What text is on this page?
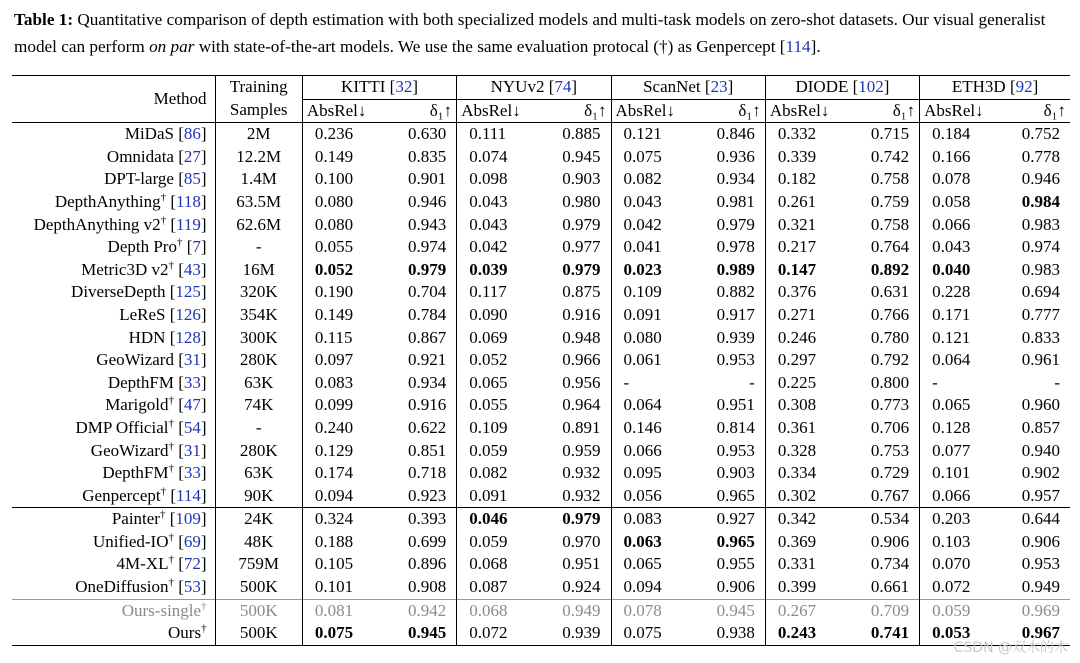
Table 1: Quantitative comparison of depth estimation with both specialized models and multi-task models on zero-shot datasets. Our visual generalist model can perform on par with state-of-the-art models. We use the same evaluation protocal (†) as Genpercept [114].
Method	Training	KITTI [32]		NYUv2 [74]		ScanNet [23]		DIODE [102]		ETH3D [92]	
	Samples	AbsRel↓	δ₁↑	AbsRel↓	δ₁↑	AbsRel↓	δ₁↑	AbsRel↓	δ₁↑	AbsRel↓	δ₁↑
MiDaS [86]	2M	0.236	0.630	0.111	0.885	0.121	0.846	0.332	0.715	0.184	0.752
Omnidata [27]	12.2M	0.149	0.835	0.074	0.945	0.075	0.936	0.339	0.742	0.166	0.778
DPT-large [85]	1.4M	0.100	0.901	0.098	0.903	0.082	0.934	0.182	0.758	0.078	0.946
DepthAnything† [118]	63.5M	0.080	0.946	0.043	0.980	0.043	0.981	0.261	0.759	0.058	0.984
DepthAnything v2† [119]	62.6M	0.080	0.943	0.043	0.979	0.042	0.979	0.321	0.758	0.066	0.983
Depth Pro† [7]	-	0.055	0.974	0.042	0.977	0.041	0.978	0.217	0.764	0.043	0.974
Metric3D v2† [43]	16M	0.052	0.979	0.039	0.979	0.023	0.989	0.147	0.892	0.040	0.983
DiverseDepth [125]	320K	0.190	0.704	0.117	0.875	0.109	0.882	0.376	0.631	0.228	0.694
LeReS [126]	354K	0.149	0.784	0.090	0.916	0.091	0.917	0.271	0.766	0.171	0.777
HDN [128]	300K	0.115	0.867	0.069	0.948	0.080	0.939	0.246	0.780	0.121	0.833
GeoWizard [31]	280K	0.097	0.921	0.052	0.966	0.061	0.953	0.297	0.792	0.064	0.961
DepthFM [33]	63K	0.083	0.934	0.065	0.956	-	-	0.225	0.800	-	-
Marigold† [47]	74K	0.099	0.916	0.055	0.964	0.064	0.951	0.308	0.773	0.065	0.960
DMP Official† [54]	-	0.240	0.622	0.109	0.891	0.146	0.814	0.361	0.706	0.128	0.857
GeoWizard† [31]	280K	0.129	0.851	0.059	0.959	0.066	0.953	0.328	0.753	0.077	0.940
DepthFM† [33]	63K	0.174	0.718	0.082	0.932	0.095	0.903	0.334	0.729	0.101	0.902
Genpercept† [114]	90K	0.094	0.923	0.091	0.932	0.056	0.965	0.302	0.767	0.066	0.957
Painter† [109]	24K	0.324	0.393	0.046	0.979	0.083	0.927	0.342	0.534	0.203	0.644
Unified-IO† [69]	48K	0.188	0.699	0.059	0.970	0.063	0.965	0.369	0.906	0.103	0.906
4M-XL† [72]	759M	0.105	0.896	0.068	0.951	0.065	0.955	0.331	0.734	0.070	0.953
OneDiffusion† [53]	500K	0.101	0.908	0.087	0.924	0.094	0.906	0.399	0.661	0.072	0.949
Ours-single†	500K	0.081	0.942	0.068	0.949	0.078	0.945	0.267	0.709	0.059	0.969
Ours†	500K	0.075	0.945	0.072	0.939	0.075	0.938	0.243	0.741	0.053	0.967
CSDN @双木的木
